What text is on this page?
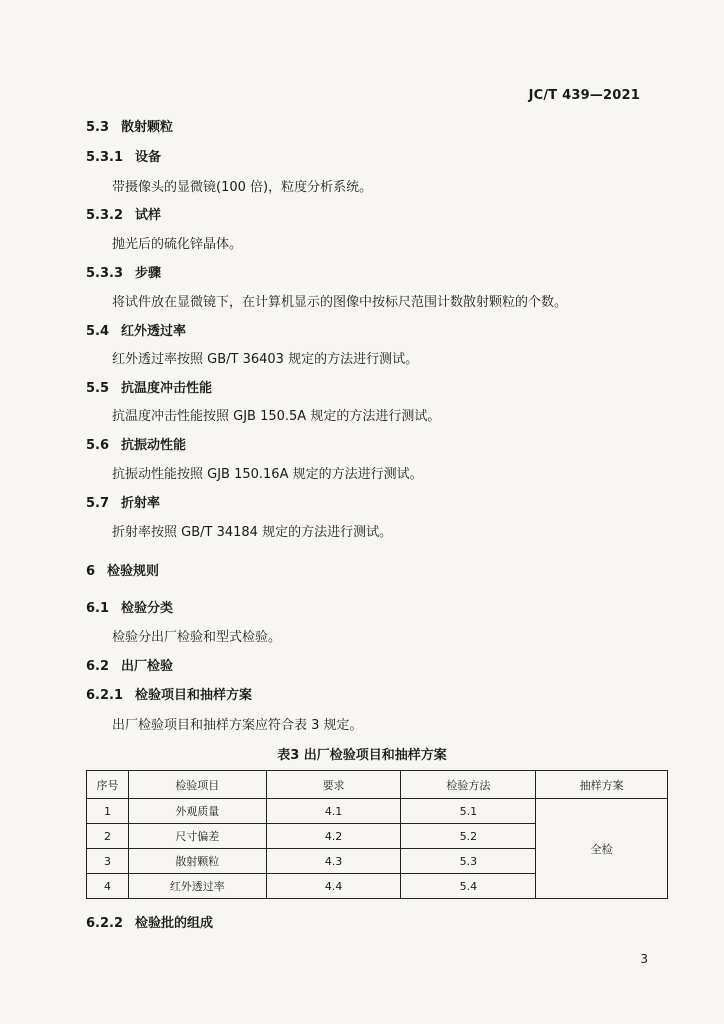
JC/T 439—2021
5.3 散射颗粒
5.3.1 设备
带摄像头的显微镜(100 倍)，粒度分析系统。
5.3.2 试样
抛光后的硫化锌晶体。
5.3.3 步骤
将试件放在显微镜下，在计算机显示的图像中按标尺范围计数散射颗粒的个数。
5.4 红外透过率
红外透过率按照 GB/T 36403 规定的方法进行测试。
5.5 抗温度冲击性能
抗温度冲击性能按照 GJB 150.5A 规定的方法进行测试。
5.6 抗振动性能
抗振动性能按照 GJB 150.16A 规定的方法进行测试。
5.7 折射率
折射率按照 GB/T 34184 规定的方法进行测试。
6 检验规则
6.1 检验分类
检验分出厂检验和型式检验。
6.2 出厂检验
6.2.1 检验项目和抽样方案
出厂检验项目和抽样方案应符合表 3 规定。
表3 出厂检验项目和抽样方案
序号	检验项目	要求	检验方法	抽样方案
1	外观质量	4.1	5.1	全检
2	尺寸偏差	4.2	5.2	
3	散射颗粒	4.3	5.3	
4	红外透过率	4.4	5.4	
6.2.2 检验批的组成
3
